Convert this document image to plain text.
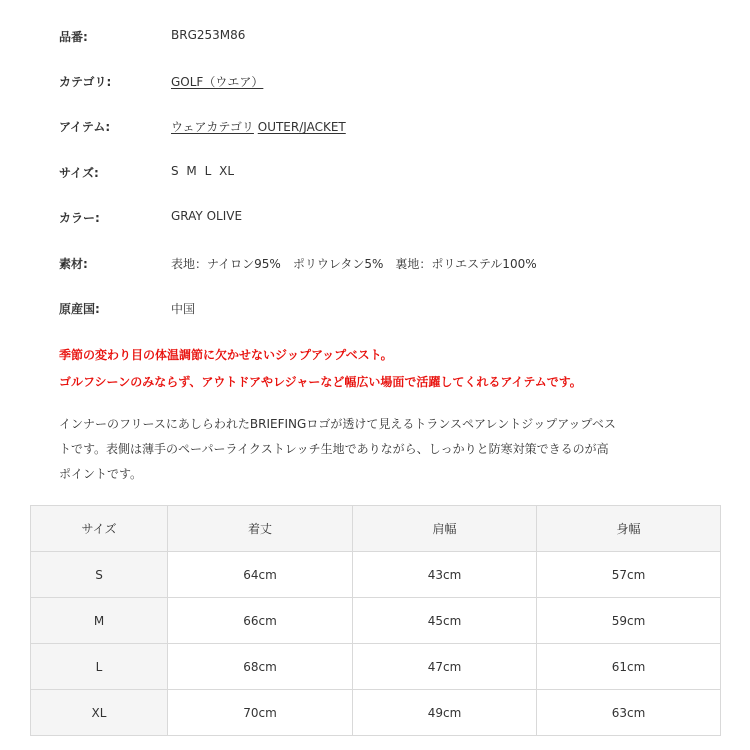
品番:	BRG253M86
カテゴリ:	GOLF（ウエア）
アイテム:	ウェアカテゴリ OUTER/JACKET
サイズ:	S M L XL
カラー:	GRAY OLIVE
素材:	表地：ナイロン95%　ポリウレタン5%　裏地：ポリエステル100%
原産国:	中国
季節の変わり目の体温調節に欠かせないジップアップベスト。
ゴルフシーンのみならず、アウトドアやレジャーなど幅広い場面で活躍してくれるアイテムです。
インナーのフリースにあしらわれたBRIEFINGロゴが透けて見えるトランスペアレントジップアップベス
トです。表側は薄手のペーパーライクストレッチ生地でありながら、しっかりと防寒対策できるのが高
ポイントです。
サイズ	着丈	肩幅	身幅
S	64cm	43cm	57cm
M	66cm	45cm	59cm
L	68cm	47cm	61cm
XL	70cm	49cm	63cm
